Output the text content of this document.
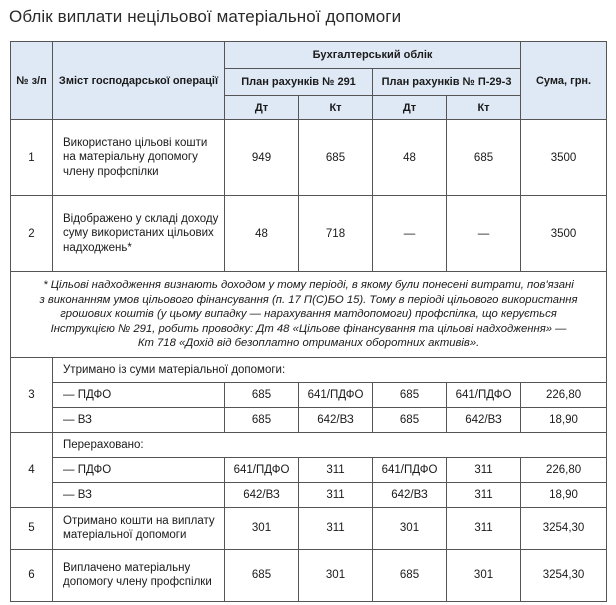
Облік виплати нецільової матеріальної допомоги
№ з/п	Зміст господарської операції	Бухгалтерський облік				Сума, грн.
		План рахунків № 291		План рахунків № П-29-3		
		Дт	Кт	Дт	Кт	
1	Використано цільові кошти на матеріальну допомогу члену профспілки	949	685	48	685	3500
2	Відображено у складі доходу суму використаних цільових надходжень*	48	718	—	—	3500

* Цільові надходження визнають доходом у тому періоді, в якому були понесені витрати, пов'язані
з виконанням умов цільового фінансування (п. 17 П(С)БО 15). Тому в періоді цільового використання
грошових коштів (у цьому випадку — нарахування матдопомоги) профспілка, що керується
Інструкцією № 291, робить проводку: Дт 48 «Цільове фінансування та цільові надходження» —
Кт 718 «Дохід від безоплатно отриманих оборотних активів».						

3	Утримано із суми матеріальної допомоги:					
	— ПДФО	685	641/ПДФО	685	641/ПДФО	226,80
	— ВЗ	685	642/ВЗ	685	642/ВЗ	18,90
4	Перераховано:					
	— ПДФО	641/ПДФО	311	641/ПДФО	311	226,80
	— ВЗ	642/ВЗ	311	642/ВЗ	311	18,90
5	Отримано кошти на виплату матеріальної допомоги	301	311	301	311	3254,30
6	Виплачено матеріальну допомогу члену профспілки	685	301	685	301	3254,30
